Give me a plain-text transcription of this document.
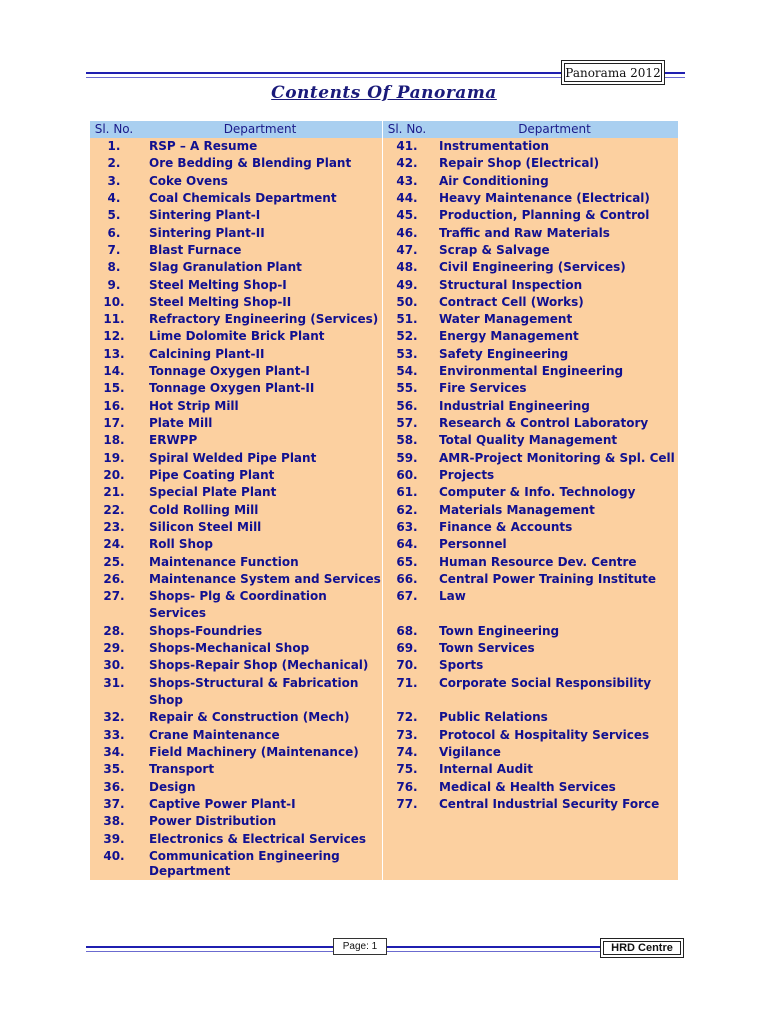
Panorama 2012
Contents Of Panorama
Sl. No.	Department	Sl. No.	Department
1.	RSP – A Resume	41.	Instrumentation
2.	Ore Bedding & Blending Plant	42.	Repair Shop (Electrical)
3.	Coke Ovens	43.	Air Conditioning
4.	Coal Chemicals Department	44.	Heavy Maintenance (Electrical)
5.	Sintering Plant-I	45.	Production, Planning & Control
6.	Sintering Plant-II	46.	Traffic and Raw Materials
7.	Blast Furnace	47.	Scrap & Salvage
8.	Slag Granulation Plant	48.	Civil Engineering (Services)
9.	Steel Melting Shop-I	49.	Structural Inspection
10.	Steel Melting Shop-II	50.	Contract Cell (Works)
11.	Refractory Engineering (Services)	51.	Water Management
12.	Lime Dolomite Brick Plant	52.	Energy Management
13.	Calcining Plant-II	53.	Safety Engineering
14.	Tonnage Oxygen Plant-I	54.	Environmental Engineering
15.	Tonnage Oxygen Plant-II	55.	Fire Services
16.	Hot Strip Mill	56.	Industrial Engineering
17.	Plate Mill	57.	Research & Control Laboratory
18.	ERWPP	58.	Total Quality Management
19.	Spiral Welded Pipe Plant	59.	AMR-Project Monitoring & Spl. Cell
20.	Pipe Coating Plant	60.	Projects
21.	Special Plate Plant	61.	Computer & Info. Technology
22.	Cold Rolling Mill	62.	Materials Management
23.	Silicon Steel Mill	63.	Finance & Accounts
24.	Roll Shop	64.	Personnel
25.	Maintenance Function	65.	Human Resource Dev. Centre
26.	Maintenance System and Services	66.	Central Power Training Institute
27.	Shops- Plg & Coordination Services	67.	Law
28.	Shops-Foundries	68.	Town Engineering
29.	Shops-Mechanical Shop	69.	Town Services
30.	Shops-Repair Shop (Mechanical)	70.	Sports
31.	Shops-Structural & Fabrication Shop	71.	Corporate Social Responsibility
32.	Repair & Construction (Mech)	72.	Public Relations
33.	Crane Maintenance	73.	Protocol & Hospitality Services
34.	Field Machinery (Maintenance)	74.	Vigilance
35.	Transport	75.	Internal Audit
36.	Design	76.	Medical & Health Services
37.	Captive Power Plant-I	77.	Central Industrial Security Force
38.	Power Distribution		
39.	Electronics & Electrical Services		
40.	Communication Engineering Department		
Page: 1	HRD Centre
